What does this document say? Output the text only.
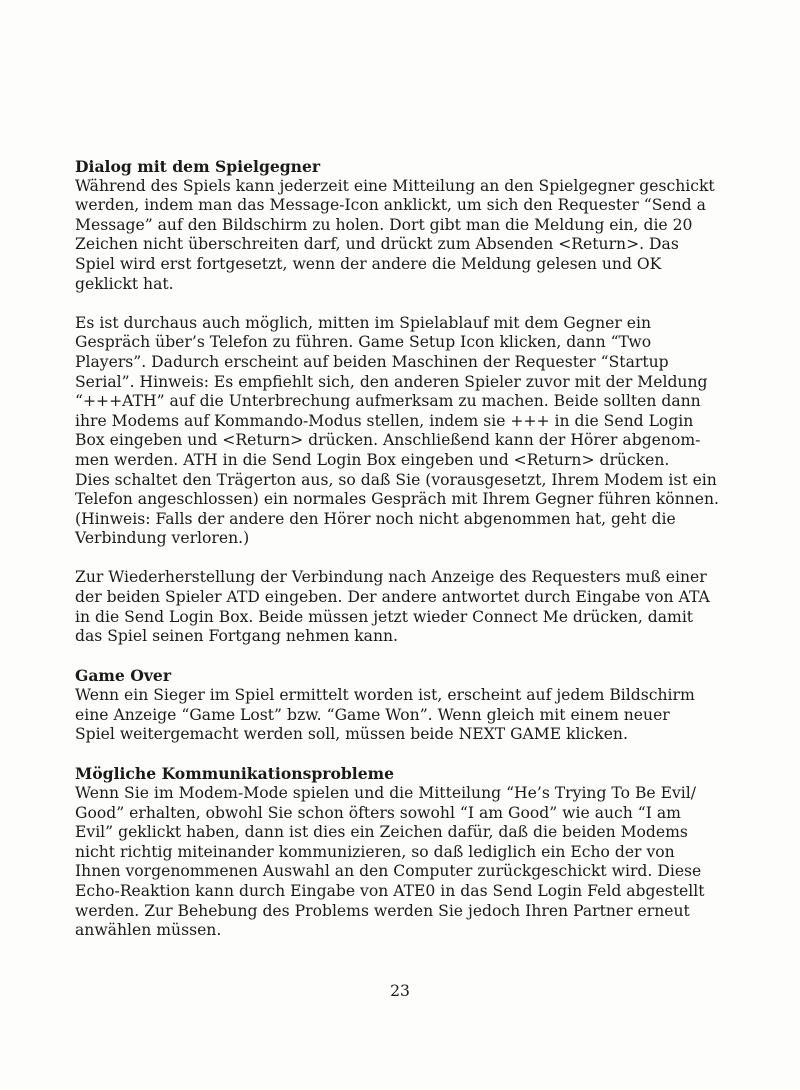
Dialog mit dem Spielgegner
Während des Spiels kann jederzeit eine Mitteilung an den Spielgegner geschickt
werden, indem man das Message-Icon anklickt, um sich den Requester “Send a
Message” auf den Bildschirm zu holen. Dort gibt man die Meldung ein, die 20
Zeichen nicht überschreiten darf, und drückt zum Absenden <Return>. Das
Spiel wird erst fortgesetzt, wenn der andere die Meldung gelesen und OK
geklickt hat.
Es ist durchaus auch möglich, mitten im Spielablauf mit dem Gegner ein
Gespräch über’s Telefon zu führen. Game Setup Icon klicken, dann “Two
Players”. Dadurch erscheint auf beiden Maschinen der Requester “Startup
Serial”. Hinweis: Es empfiehlt sich, den anderen Spieler zuvor mit der Meldung
“+++ATH” auf die Unterbrechung aufmerksam zu machen. Beide sollten dann
ihre Modems auf Kommando-Modus stellen, indem sie +++ in die Send Login
Box eingeben und <Return> drücken. Anschließend kann der Hörer abgenom-
men werden. ATH in die Send Login Box eingeben und <Return> drücken.
Dies schaltet den Trägerton aus, so daß Sie (vorausgesetzt, Ihrem Modem ist ein
Telefon angeschlossen) ein normales Gespräch mit Ihrem Gegner führen können.
(Hinweis: Falls der andere den Hörer noch nicht abgenommen hat, geht die
Verbindung verloren.)
Zur Wiederherstellung der Verbindung nach Anzeige des Requesters muß einer
der beiden Spieler ATD eingeben. Der andere antwortet durch Eingabe von ATA
in die Send Login Box. Beide müssen jetzt wieder Connect Me drücken, damit
das Spiel seinen Fortgang nehmen kann.
Game Over
Wenn ein Sieger im Spiel ermittelt worden ist, erscheint auf jedem Bildschirm
eine Anzeige “Game Lost” bzw. “Game Won”. Wenn gleich mit einem neuer
Spiel weitergemacht werden soll, müssen beide NEXT GAME klicken.
Mögliche Kommunikationsprobleme
Wenn Sie im Modem-Mode spielen und die Mitteilung “He’s Trying To Be Evil/
Good” erhalten, obwohl Sie schon öfters sowohl “I am Good” wie auch “I am
Evil” geklickt haben, dann ist dies ein Zeichen dafür, daß die beiden Modems
nicht richtig miteinander kommunizieren, so daß lediglich ein Echo der von
Ihnen vorgenommenen Auswahl an den Computer zurückgeschickt wird. Diese
Echo-Reaktion kann durch Eingabe von ATE0 in das Send Login Feld abgestellt
werden. Zur Behebung des Problems werden Sie jedoch Ihren Partner erneut
anwählen müssen.
23
